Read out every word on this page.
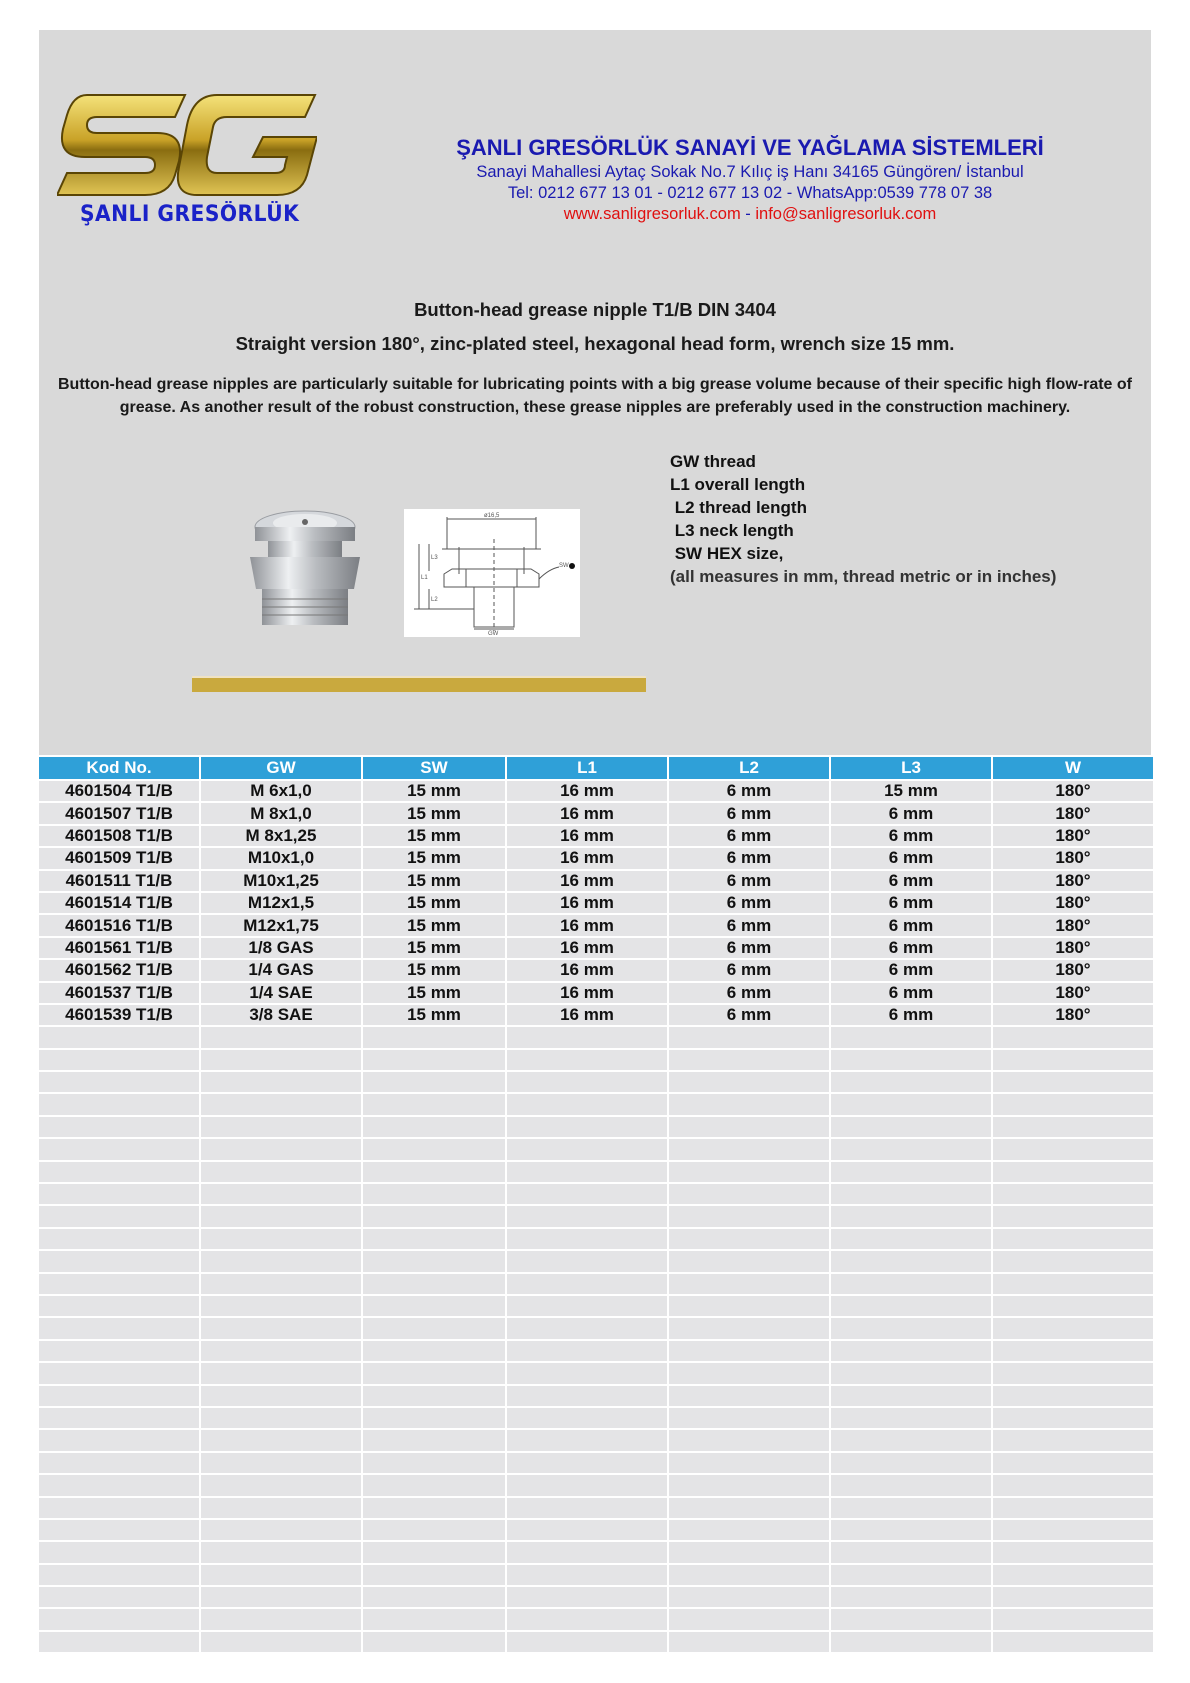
ŞANLI GRESÖRLÜK
ŞANLI GRESÖRLÜK SANAYİ VE YAĞLAMA SİSTEMLERİ
Sanayi Mahallesi Aytaç Sokak No.7 Kılıç iş Hanı 34165 Güngören/ İstanbul
Tel: 0212 677 13 01 - 0212 677 13 02 - WhatsApp:0539 778 07 38
www.sanligresorluk.com - info@sanligresorluk.com
Button-head grease nipple T1/B DIN 3404
Straight version 180°, zinc-plated steel, hexagonal head form, wrench size 15 mm.
Button-head grease nipples are particularly suitable for lubricating points with a big grease volume because of their specific high flow-rate of grease. As another result of the robust construction, these grease nipples are preferably used in the construction machinery.
ø16,5
L1
L3
L2
SW
GW
GW thread
L1 overall length
L2 thread length
L3 neck length
SW HEX size,
(all measures in mm, thread metric or in inches)
Kod No.	GW	SW	L1	L2	L3	W
4601504 T1/B	M 6x1,0	15 mm	16 mm	6 mm	15 mm	180°
4601507 T1/B	M 8x1,0	15 mm	16 mm	6 mm	6 mm	180°
4601508 T1/B	M 8x1,25	15 mm	16 mm	6 mm	6 mm	180°
4601509 T1/B	M10x1,0	15 mm	16 mm	6 mm	6 mm	180°
4601511 T1/B	M10x1,25	15 mm	16 mm	6 mm	6 mm	180°
4601514 T1/B	M12x1,5	15 mm	16 mm	6 mm	6 mm	180°
4601516 T1/B	M12x1,75	15 mm	16 mm	6 mm	6 mm	180°
4601561 T1/B	1/8 GAS	15 mm	16 mm	6 mm	6 mm	180°
4601562 T1/B	1/4 GAS	15 mm	16 mm	6 mm	6 mm	180°
4601537 T1/B	1/4 SAE	15 mm	16 mm	6 mm	6 mm	180°
4601539 T1/B	3/8 SAE	15 mm	16 mm	6 mm	6 mm	180°
